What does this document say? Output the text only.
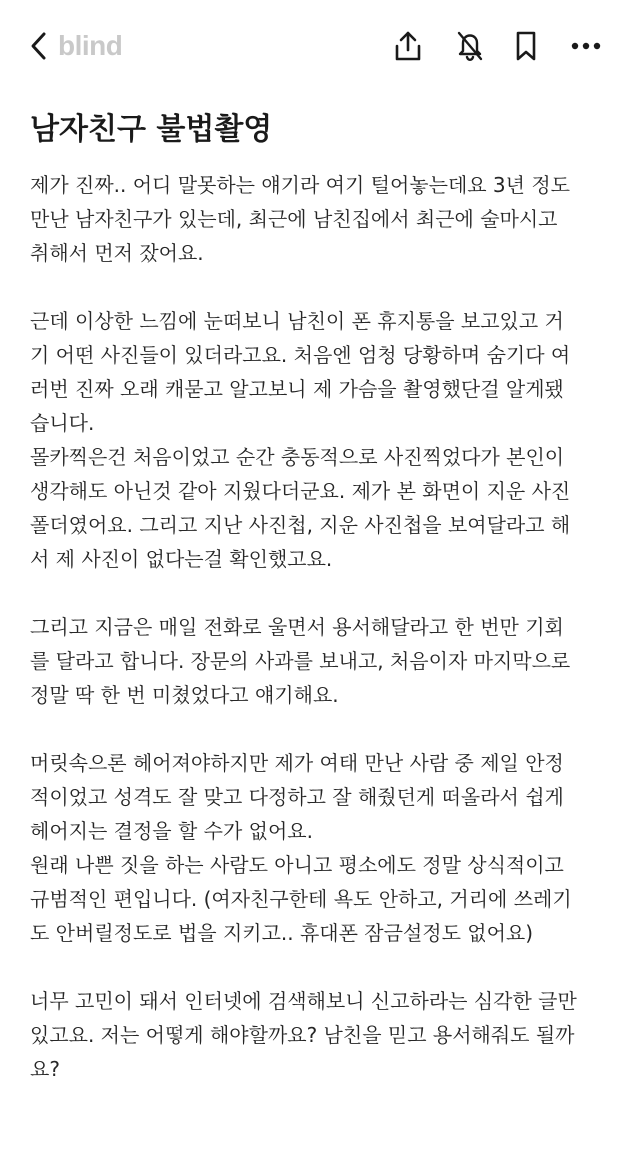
blind
남자친구 불법촬영
제가 진짜.. 어디 말못하는 얘기라 여기 털어놓는데요 3년 정도
만난 남자친구가 있는데, 최근에 남친집에서 최근에 술마시고
취해서 먼저 잤어요.
근데 이상한 느낌에 눈떠보니 남친이 폰 휴지통을 보고있고 거
기 어떤 사진들이 있더라고요. 처음엔 엄청 당황하며 숨기다 여
러번 진짜 오래 캐묻고 알고보니 제 가슴을 촬영했단걸 알게됐
습니다.
몰카찍은건 처음이었고 순간 충동적으로 사진찍었다가 본인이
생각해도 아닌것 같아 지웠다더군요. 제가 본 화면이 지운 사진
폴더였어요. 그리고 지난 사진첩, 지운 사진첩을 보여달라고 해
서 제 사진이 없다는걸 확인했고요.
그리고 지금은 매일 전화로 울면서 용서해달라고 한 번만 기회
를 달라고 합니다. 장문의 사과를 보내고, 처음이자 마지막으로
정말 딱 한 번 미쳤었다고 얘기해요.
머릿속으론 헤어져야하지만 제가 여태 만난 사람 중 제일 안정
적이었고 성격도 잘 맞고 다정하고 잘 해줬던게 떠올라서 쉽게
헤어지는 결정을 할 수가 없어요.
원래 나쁜 짓을 하는 사람도 아니고 평소에도 정말 상식적이고
규범적인 편입니다. (여자친구한테 욕도 안하고, 거리에 쓰레기
도 안버릴정도로 법을 지키고.. 휴대폰 잠금설정도 없어요)
너무 고민이 돼서 인터넷에 검색해보니 신고하라는 심각한 글만
있고요. 저는 어떻게 해야할까요? 남친을 믿고 용서해줘도 될까
요?
